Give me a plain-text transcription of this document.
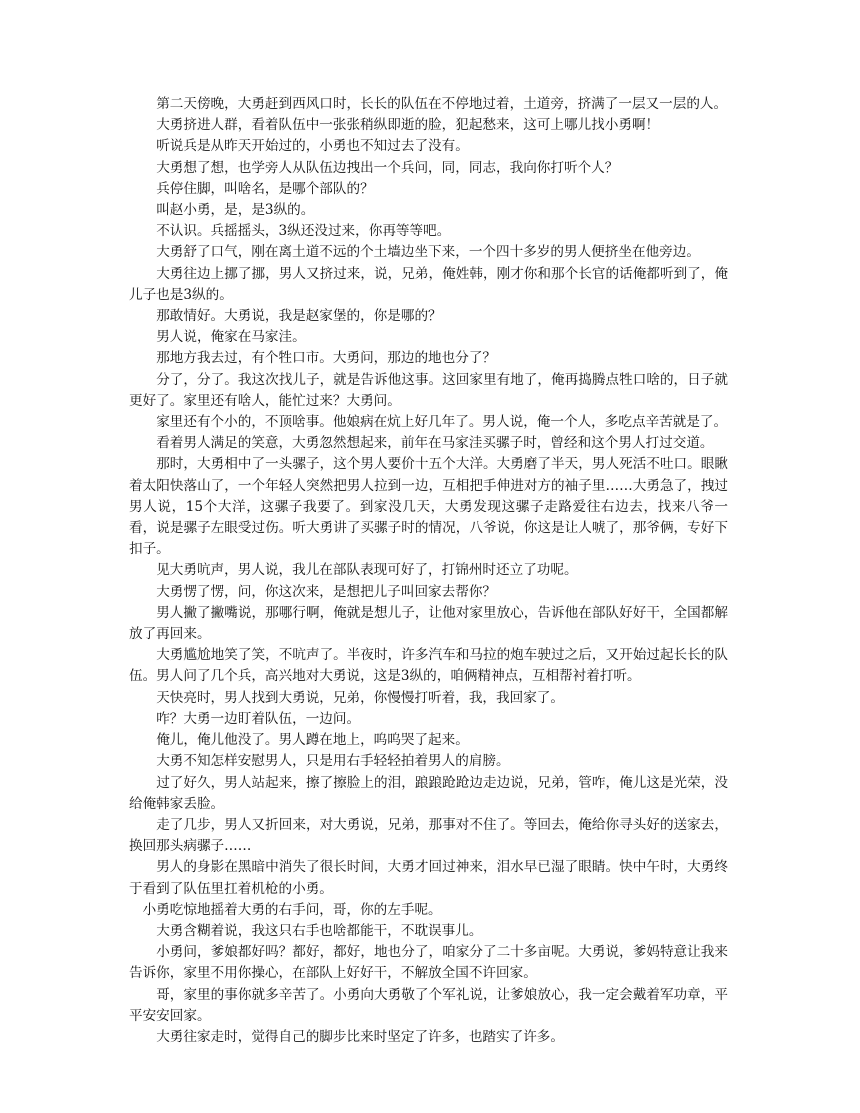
第二天傍晚，大勇赶到西风口时，长长的队伍在不停地过着，土道旁，挤满了一层又一层的人。

大勇挤进人群，看着队伍中一张张稍纵即逝的脸，犯起愁来，这可上哪儿找小勇啊！

听说兵是从昨天开始过的，小勇也不知过去了没有。

大勇想了想，也学旁人从队伍边拽出一个兵问，同，同志，我向你打听个人？

兵停住脚，叫啥名，是哪个部队的？

叫赵小勇，是，是3纵的。

不认识。兵摇摇头，3纵还没过来，你再等等吧。

大勇舒了口气，刚在离土道不远的个土墙边坐下来，一个四十多岁的男人便挤坐在他旁边。

大勇往边上挪了挪，男人又挤过来，说，兄弟，俺姓韩，刚才你和那个长官的话俺都听到了，俺儿子也是3纵的。

那敢情好。大勇说，我是赵家堡的，你是哪的？

男人说，俺家在马家洼。

那地方我去过，有个牲口市。大勇问，那边的地也分了？

分了，分了。我这次找儿子，就是告诉他这事。这回家里有地了，俺再捣腾点牲口啥的，日子就更好了。家里还有啥人，能忙过来？大勇问。

家里还有个小的，不顶啥事。他娘病在炕上好几年了。男人说，俺一个人，多吃点辛苦就是了。

看着男人满足的笑意，大勇忽然想起来，前年在马家洼买骡子时，曾经和这个男人打过交道。

那时，大勇相中了一头骡子，这个男人要价十五个大洋。大勇磨了半天，男人死活不吐口。眼瞅着太阳快落山了，一个年轻人突然把男人拉到一边，互相把手伸进对方的袖子里……大勇急了，拽过男人说，15个大洋，这骡子我要了。到家没几天，大勇发现这骡子走路爱往右边去，找来八爷一看，说是骡子左眼受过伤。听大勇讲了买骡子时的情况，八爷说，你这是让人唬了，那爷俩，专好下扣子。

见大勇吭声，男人说，我儿在部队表现可好了，打锦州时还立了功呢。

大勇愣了愣，问，你这次来，是想把儿子叫回家去帮你？

男人撇了撇嘴说，那哪行啊，俺就是想儿子，让他对家里放心，告诉他在部队好好干，全国都解放了再回来。

大勇尴尬地笑了笑，不吭声了。半夜时，许多汽车和马拉的炮车驶过之后，又开始过起长长的队伍。男人问了几个兵，高兴地对大勇说，这是3纵的，咱俩精神点，互相帮衬着打听。

天快亮时，男人找到大勇说，兄弟，你慢慢打听着，我，我回家了。

咋？大勇一边盯着队伍，一边问。

俺儿，俺儿他没了。男人蹲在地上，呜呜哭了起来。

大勇不知怎样安慰男人，只是用右手轻轻拍着男人的肩膀。

过了好久，男人站起来，擦了擦脸上的泪，踉踉跄跄边走边说，兄弟，管咋，俺儿这是光荣，没给俺韩家丢脸。

走了几步，男人又折回来，对大勇说，兄弟，那事对不住了。等回去，俺给你寻头好的送家去，换回那头病骡子……

男人的身影在黑暗中消失了很长时间，大勇才回过神来，泪水早已湿了眼睛。快中午时，大勇终于看到了队伍里扛着机枪的小勇。

小勇吃惊地摇着大勇的右手问，哥，你的左手呢。

大勇含糊着说，我这只右手也啥都能干，不耽误事儿。

小勇问，爹娘都好吗？都好，都好，地也分了，咱家分了二十多亩呢。大勇说，爹妈特意让我来告诉你，家里不用你操心，在部队上好好干，不解放全国不许回家。

哥，家里的事你就多辛苦了。小勇向大勇敬了个军礼说，让爹娘放心，我一定会戴着军功章，平平安安回家。

大勇往家走时，觉得自己的脚步比来时坚定了许多，也踏实了许多。
